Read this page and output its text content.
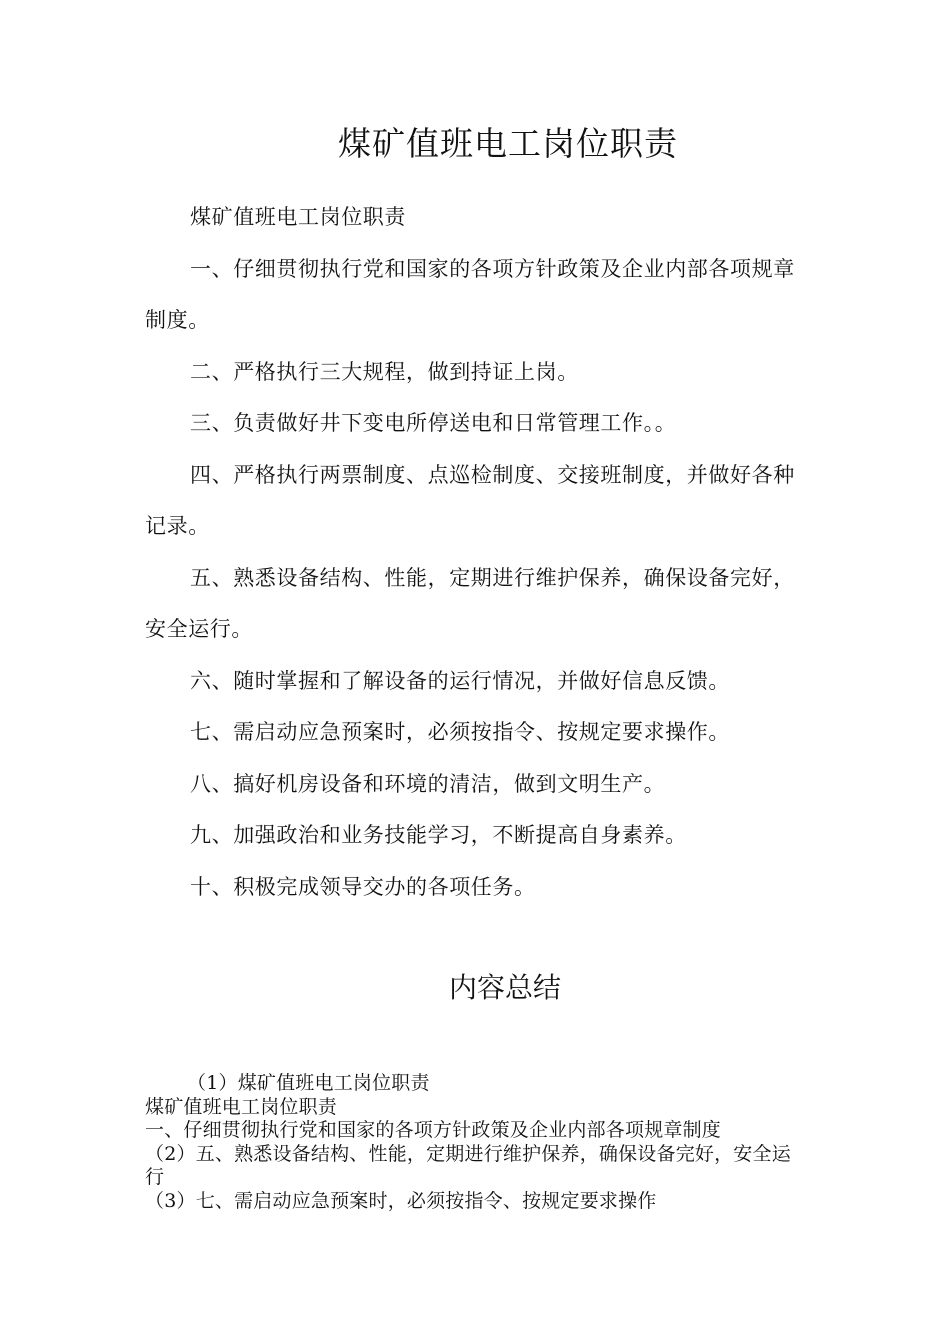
煤矿值班电工岗位职责

煤矿值班电工岗位职责

一、仔细贯彻执行党和国家的各项方针政策及企业内部各项规章制度。

二、严格执行三大规程，做到持证上岗。

三、负责做好井下变电所停送电和日常管理工作。。

四、严格执行两票制度、点巡检制度、交接班制度，并做好各种记录。

五、熟悉设备结构、性能，定期进行维护保养，确保设备完好，安全运行。

六、随时掌握和了解设备的运行情况，并做好信息反馈。

七、需启动应急预案时，必须按指令、按规定要求操作。

八、搞好机房设备和环境的清洁，做到文明生产。

九、加强政治和业务技能学习，不断提高自身素养。

十、积极完成领导交办的各项任务。

内容总结

（1）煤矿值班电工岗位职责

煤矿值班电工岗位职责

一、仔细贯彻执行党和国家的各项方针政策及企业内部各项规章制度

（2）五、熟悉设备结构、性能，定期进行维护保养，确保设备完好，安全运行

（3）七、需启动应急预案时，必须按指令、按规定要求操作
